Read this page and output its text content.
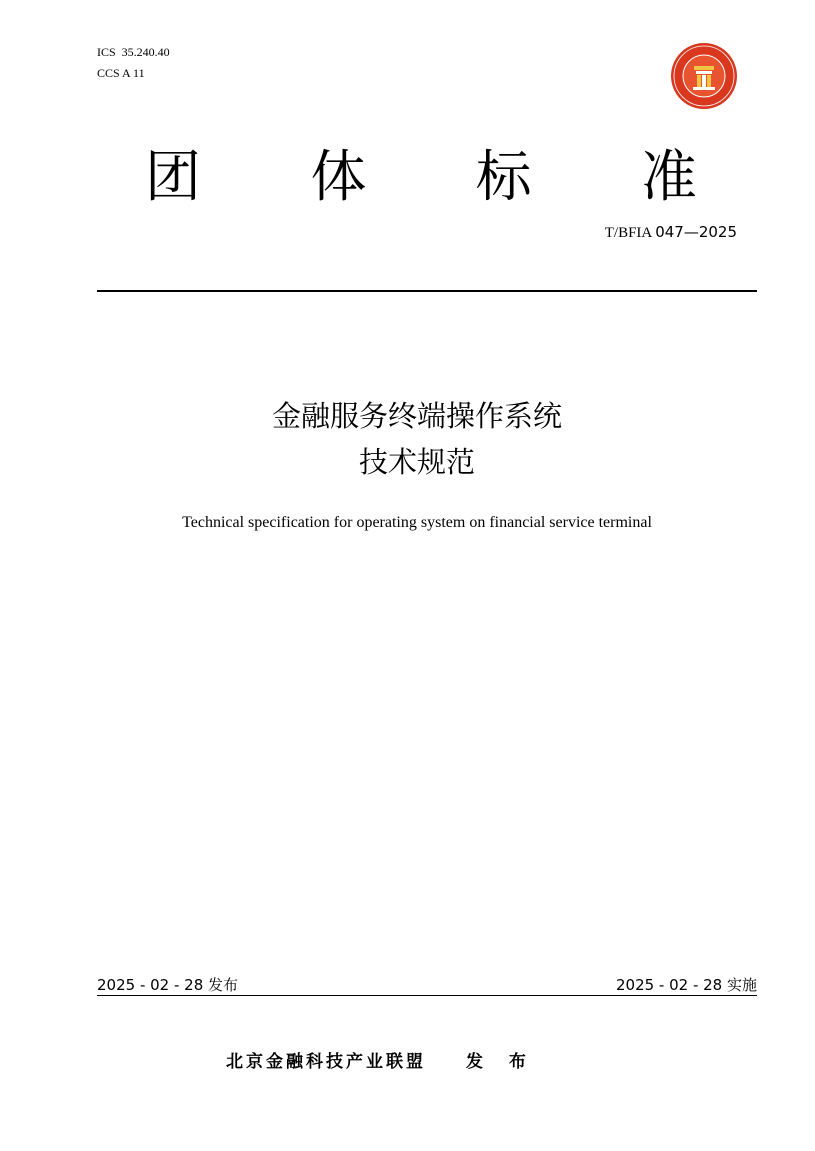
ICS  35.240.40
CCS A 11
团 体 标 准
T/BFIA 047—2025
金融服务终端操作系统
技术规范
Technical specification for operating system on financial service terminal
2025 - 02 - 28 发布	2025 - 02 - 28 实施
北京金融科技产业联盟 发 布
